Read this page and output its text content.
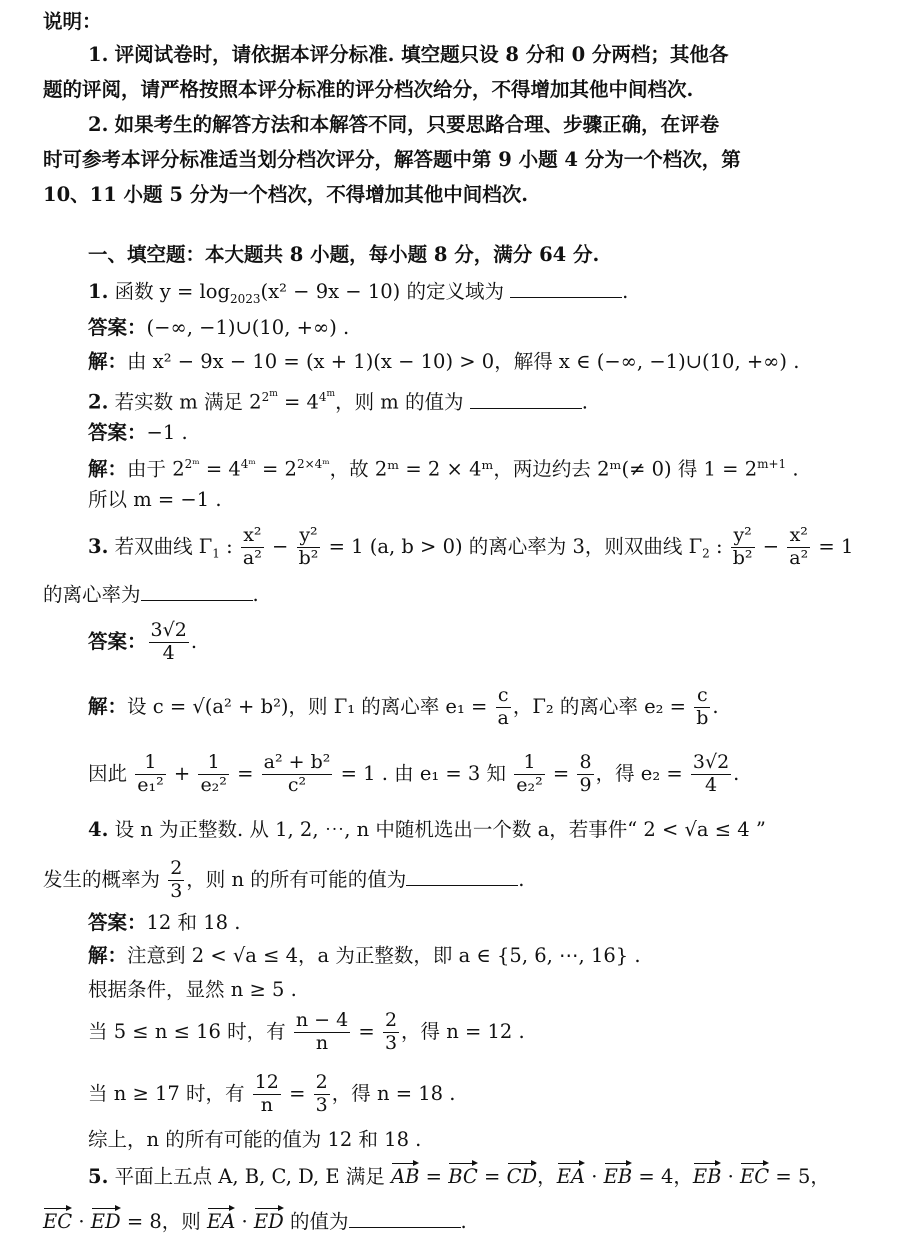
说明：
1. 评阅试卷时，请依据本评分标准. 填空题只设 8 分和 0 分两档；其他各
题的评阅，请严格按照本评分标准的评分档次给分，不得增加其他中间档次.
2. 如果考生的解答方法和本解答不同，只要思路合理、步骤正确，在评卷
时可参考本评分标准适当划分档次评分，解答题中第 9 小题 4 分为一个档次，第
10、11 小题 5 分为一个档次，不得增加其他中间档次.
一、填空题：本大题共 8 小题，每小题 8 分，满分 64 分.
1. 函数 $y = \log_{2023}(x^2 - 9x - 10)$ 的定义域为	.
答案：(−∞, −1)∪(10, +∞) .
解：由 x² − 9x − 10 = (x + 1)(x − 10) > 0，解得 x ∈ (−∞, −1)∪(10, +∞) .
2. 若实数 m 满足 $2^{2^m} = 4^{4^m}$，则 m 的值为	.
答案：−1 .
解：由于 $2^{2ᵐ} = 4^{4ᵐ} = 2^{2\times 4ᵐ}$，故 2ᵐ = 2 × 4ᵐ，两边约去 2ᵐ(≠ 0) 得 $1 = 2^{m+1}$ .
所以 m = −1 .
3. 若双曲线 $\Gamma_1$ : $\frac{\text{x²}}{\text{a²}} - \frac{\text{y²}}{\text{b²}} = 1$ (a, b > 0) 的离心率为 3，则双曲线 $\Gamma_2$ : $\frac{\text{y²}}{\text{b²}} - \frac{\text{x²}}{\text{a²}} = 1$
的离心率为	.
答案： $\frac{3√2}{4}$ .
解：设 c = √(a² + b²)，则 Γ₁ 的离心率 $e_1 = \frac{c}{a}$ ，Γ₂ 的离心率 $e_2 = \frac{c}{b}$ .
因此 $\frac{1}{\text{e₁²}} + \frac{1}{\text{e₂²}} = \frac{\text{a² + b²}}{\text{c²}} = 1$ . 由 e₁ = 3 知 $\frac{1}{\text{e₂²}} = \frac{8}{9}$ ，得 $e_2 = \frac{3√2}{4}$ .
4. 设 n 为正整数. 从 1, 2, ⋯, n 中随机选出一个数 a，若事件“ 2 < √a ≤ 4 ”
发生的概率为 $\frac{2}{3}$ ，则 n 的所有可能的值为	.
答案：12 和 18 .
解：注意到 2 < √a ≤ 4，a 为正整数，即 a ∈ {5, 6, ⋯, 16} .
根据条件，显然 n ≥ 5 .
当 5 ≤ n ≤ 16 时，有 $\frac{n - 4}{n} = \frac{2}{3}$ ，得 n = 12 .
当 n ≥ 17 时，有 $\frac{12}{n} = \frac{2}{3}$ ，得 n = 18 .
综上，n 的所有可能的值为 12 和 18 .
5. 平面上五点 A, B, C, D, E 满足 AB = BC = CD，EA · EB = 4，EB · EC = 5，
EC · ED = 8，则 EA · ED 的值为	.
